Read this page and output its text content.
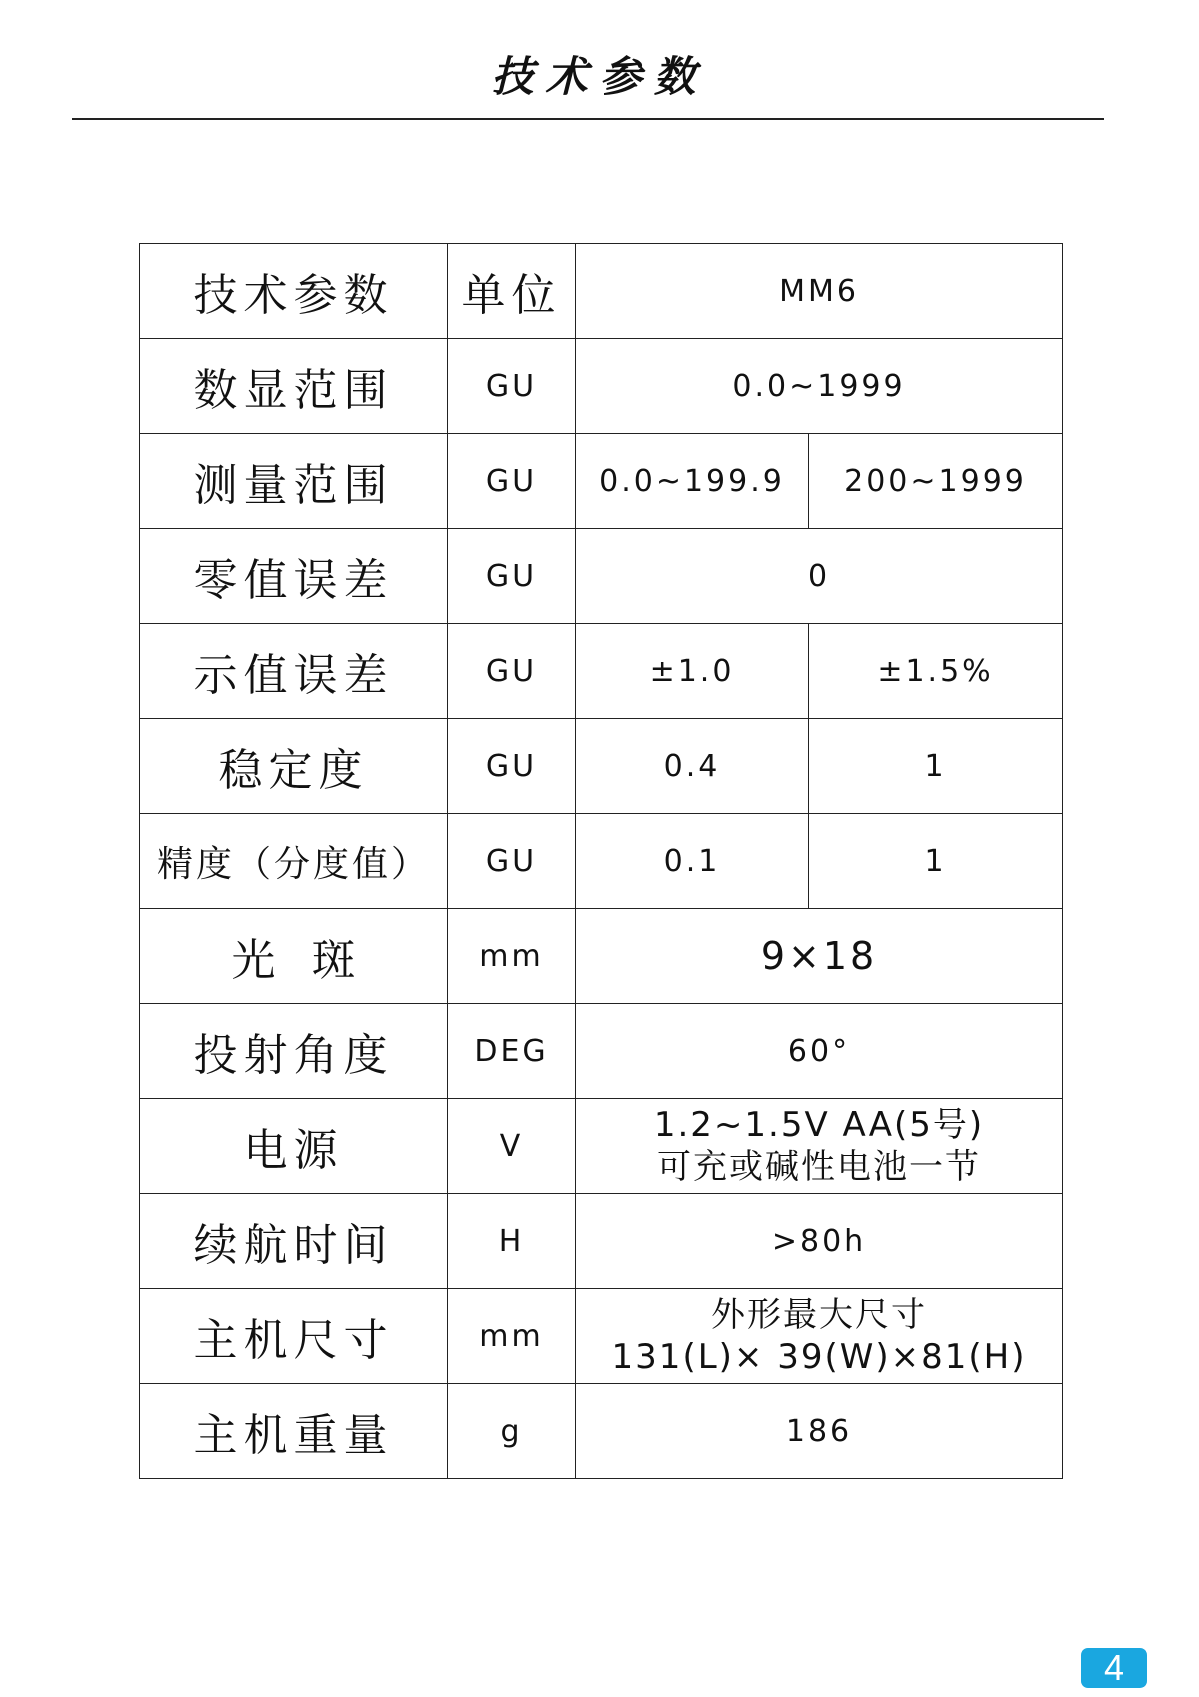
技术参数
技术参数	单位	MM6	
数显范围	GU	0.0~1999	
测量范围	GU	0.0~199.9	200~1999
零值误差	GU	0	
示值误差	GU	±1.0	±1.5%
稳定度	GU	0.4	1
精度（分度值）	GU	0.1	1
光斑	mm	9×18	
投射角度	DEG	60°	
电源	V	1.2~1.5V AA(5号)
可充或碱性电池一节	

续航时间	H	>80h	
主机尺寸	mm	外形最大尺寸
131(L)× 39(W)×81(H)	

主机重量	g	186	
4
